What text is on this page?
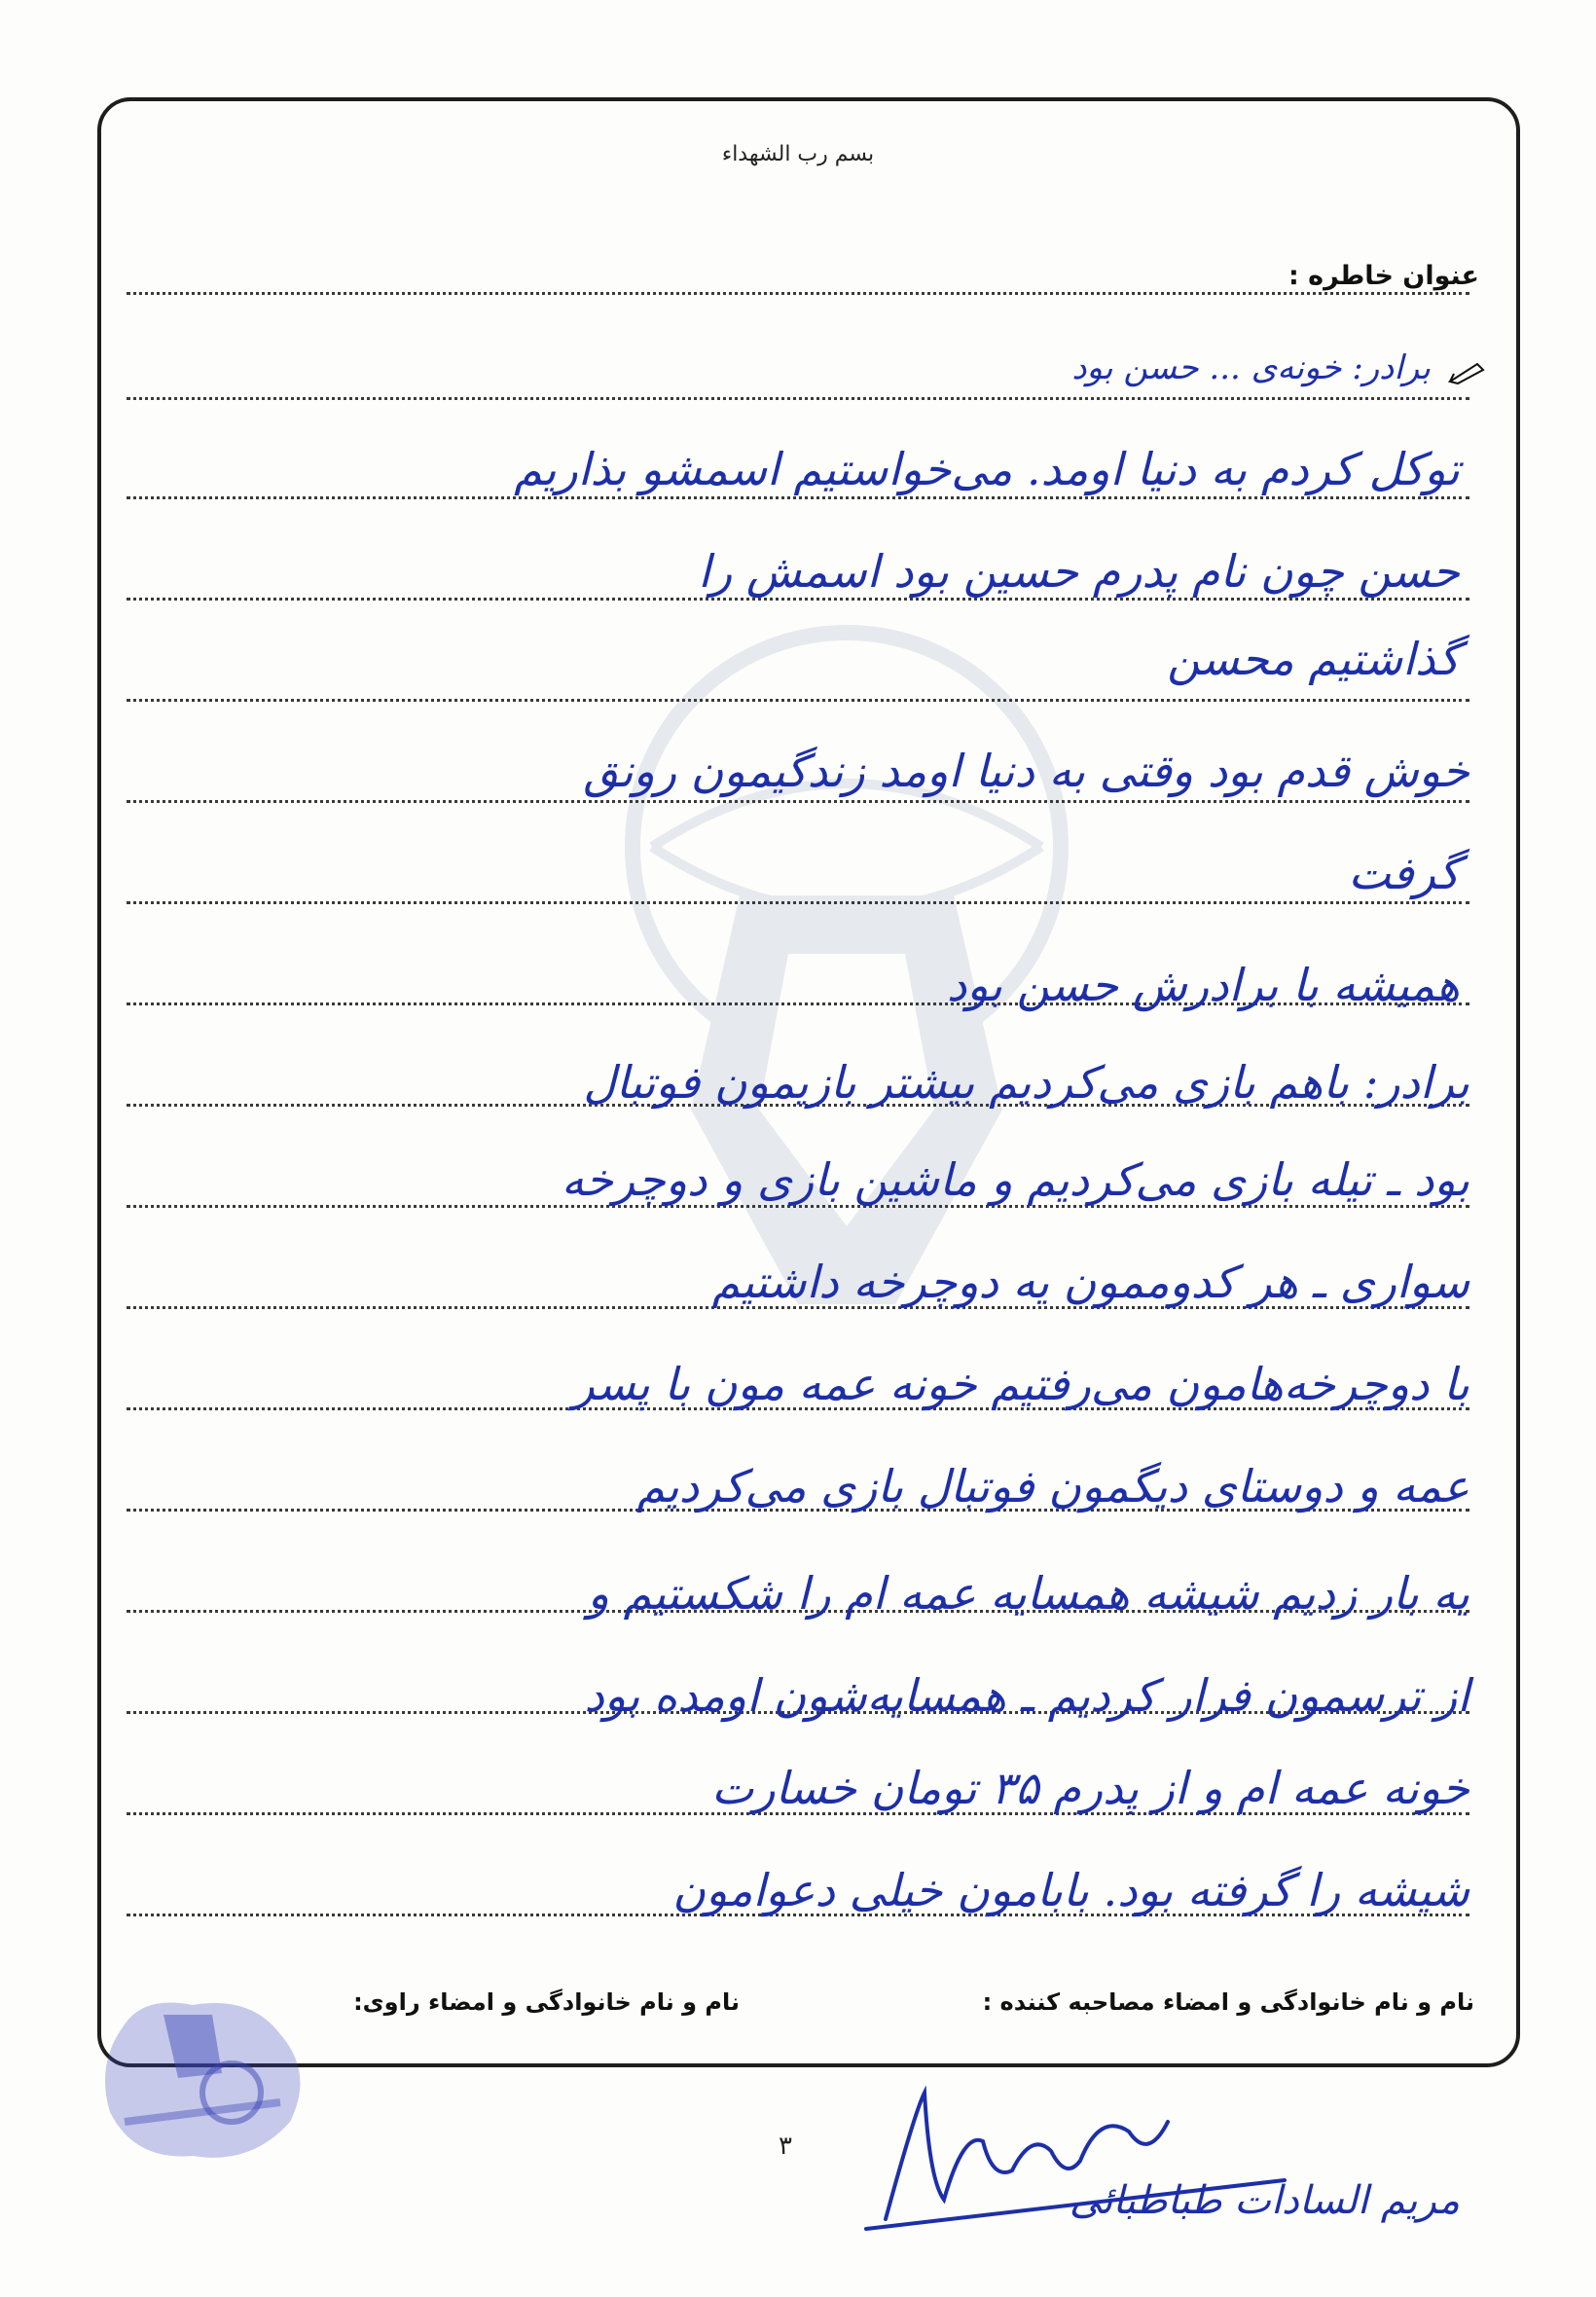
بسم رب الشهداء
عنوان خاطره :
برادر: خونه‌ی ... حسن بود
توکل کردم به دنیا اومد. می‌خواستیم اسمشو بذاریم
حسن چون نام پدرم حسین بود اسمش را
گذاشتیم محسن
خوش قدم بود وقتی به دنیا اومد زندگیمون رونق
گرفت
همیشه با برادرش حسن بود
برادر: باهم بازی می‌کردیم بیشتر بازیمون فوتبال
بود ـ تیله بازی می‌کردیم و ماشین بازی و دوچرخه
سواری ـ هر کدوممون یه دوچرخه داشتیم
با دوچرخه‌هامون می‌رفتیم خونه عمه مون با پسر
عمه و دوستای دیگمون فوتبال بازی می‌کردیم
یه بار زدیم شیشه همسایه عمه ام را شکستیم و
از ترسمون فرار کردیم ـ همسایه‌شون اومده بود
خونه عمه ام و از پدرم ۳۵ تومان خسارت
شیشه را گرفته بود. بابامون خیلی دعوامون
نام و نام خانوادگی و امضاء مصاحبه کننده :
نام و نام خانوادگی و امضاء راوی:
۳
مریم السادات طباطبائی
